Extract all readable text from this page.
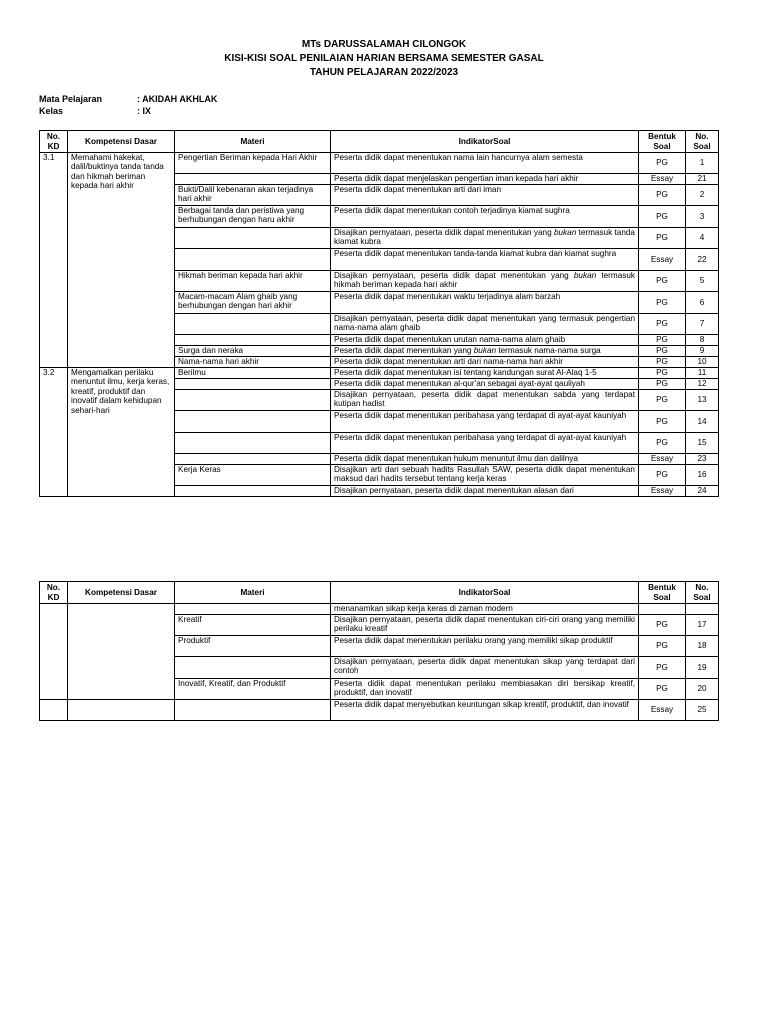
MTs DARUSSALAMAH CILONGOK
KISI-KISI SOAL PENILAIAN HARIAN BERSAMA SEMESTER GASAL
TAHUN PELAJARAN 2022/2023
Mata Pelajaran	: AKIDAH AKHLAK
Kelas	: IX
No. KD	Kompetensi Dasar	Materi	IndikatorSoal	Bentuk Soal	No. Soal
3.1	Memahami hakekat, dalil/buktinya tanda tanda dan hikmah beriman kepada hari akhir	Pengertian Beriman kepada Hari Akhir	Peserta didik dapat menentukan nama lain hancurnya alam semesta	PG	1
			Peserta didik dapat menjelaskan pengertian iman kepada hari akhir	Essay	21
		Bukti/Dalil kebenaran akan terjadinya hari akhir	Peserta didik dapat menentukan arti dari iman	PG	2
		Berbagai tanda dan peristiwa yang berhubungan dengan haru akhir	Peserta didik dapat menentukan contoh terjadinya kiamat sughra	PG	3
			Disajikan pernyataan, peserta didik dapat menentukan yang bukan termasuk tanda kiamat kubra	PG	4
			Peserta didik dapat menentukan tanda-tanda kiamat kubra dan kiamat sughra	Essay	22
		Hikmah beriman kepada hari akhir	Disajikan pernyataan, peserta didik dapat menentukan yang bukan termasuk hikmah beriman kepada hari akhir	PG	5
		Macam-macam Alam ghaib yang berhubungan dengan hari akhir	Peserta didik dapat menentukan waktu terjadinya alam barzah	PG	6
			Disajikan pernyataan, peserta didik dapat menentukan yang termasuk pengertian nama-nama alam ghaib	PG	7
			Peserta didik dapat menentukan urutan nama-nama alam ghaib	PG	8
		Surga dan neraka	Peserta didik dapat menentukan yang bukan termasuk nama-nama surga	PG	9
		Nama-nama hari akhir	Peserta didik dapat menentukan arti dari nama-nama hari akhir	PG	10
3.2	Mengamalkan perilaku menuntut ilmu, kerja keras, kreatif, produktif dan inovatif dalam kehidupan sehari-hari	Berilmu	Peserta didik dapat menentukan isi tentang kandungan surat Al-Alaq 1-5	PG	11
			Peserta didik dapat menentukan al-qur'an sebagai ayat-ayat qauliyah	PG	12
			Disajikan pernyataan, peserta didik dapat menentukan sabda yang terdapat kutipan hadist	PG	13
			Peserta didik dapat menentukan peribahasa yang terdapat di ayat-ayat kauniyah	PG	14
			Peserta didik dapat menentukan peribahasa yang terdapat di ayat-ayat kauniyah	PG	15
			Peserta didik dapat menentukan hukum menuntut ilmu dan dalilnya	Essay	23
		Kerja Keras	Disajikan arti dari sebuah hadits Rasullah SAW, peserta didik dapat menentukan maksud dari hadits tersebut tentang kerja keras	PG	16
			Disajikan pernyataan, peserta didik dapat menentukan alasan dari	Essay	24
No. KD	Kompetensi Dasar	Materi	IndikatorSoal	Bentuk Soal	No. Soal
			menanamkan sikap kerja keras di zaman modern		
		Kreatif	Disajikan pernyataan, peserta didik dapat menentukan ciri-ciri orang yang memiliki perilaku kreatif	PG	17
		Produktif	Peserta didik dapat menentukan perilaku orang yang memiliki sikap produktif	PG	18
			Disajikan pernyataan, peserta didik dapat menentukan sikap yang terdapat dari contoh	PG	19
		Inovatif, Kreatif, dan Produktif	Peserta didik dapat menentukan perilaku membiasakan diri bersikap kreatif, produktif, dan inovatif	PG	20
			Peserta didik dapat menyebutkan keuntungan sikap kreatif, produktif, dan inovatif	Essay	25
